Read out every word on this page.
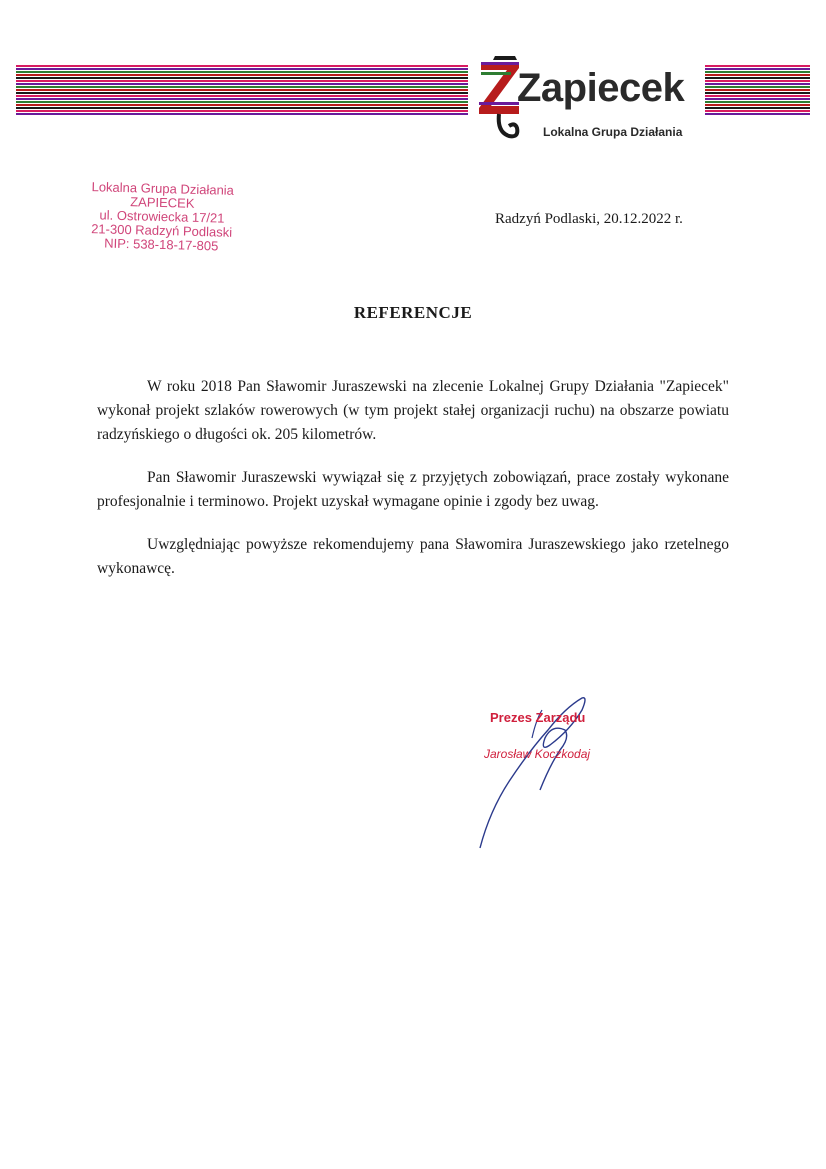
Zapiecek
Lokalna Grupa Działania
Lokalna Grupa Działania
ZAPIECEK
ul. Ostrowiecka 17/21
21-300 Radzyń Podlaski
NIP: 538-18-17-805
Radzyń Podlaski, 20.12.2022 r.
REFERENCJE

W roku 2018 Pan Sławomir Juraszewski na zlecenie Lokalnej Grupy Działania "Zapiecek" wykonał projekt szlaków rowerowych (w tym projekt stałej organizacji ruchu) na obszarze powiatu radzyńskiego o długości ok. 205 kilometrów.

Pan Sławomir Juraszewski wywiązał się z przyjętych zobowiązań, prace zostały wykonane profesjonalnie i terminowo. Projekt uzyskał wymagane opinie i zgody bez uwag.

Uwzględniając powyższe rekomendujemy pana Sławomira Juraszewskiego jako rzetelnego wykonawcę.

Prezes Zarządu
Jarosław Koczkodaj
